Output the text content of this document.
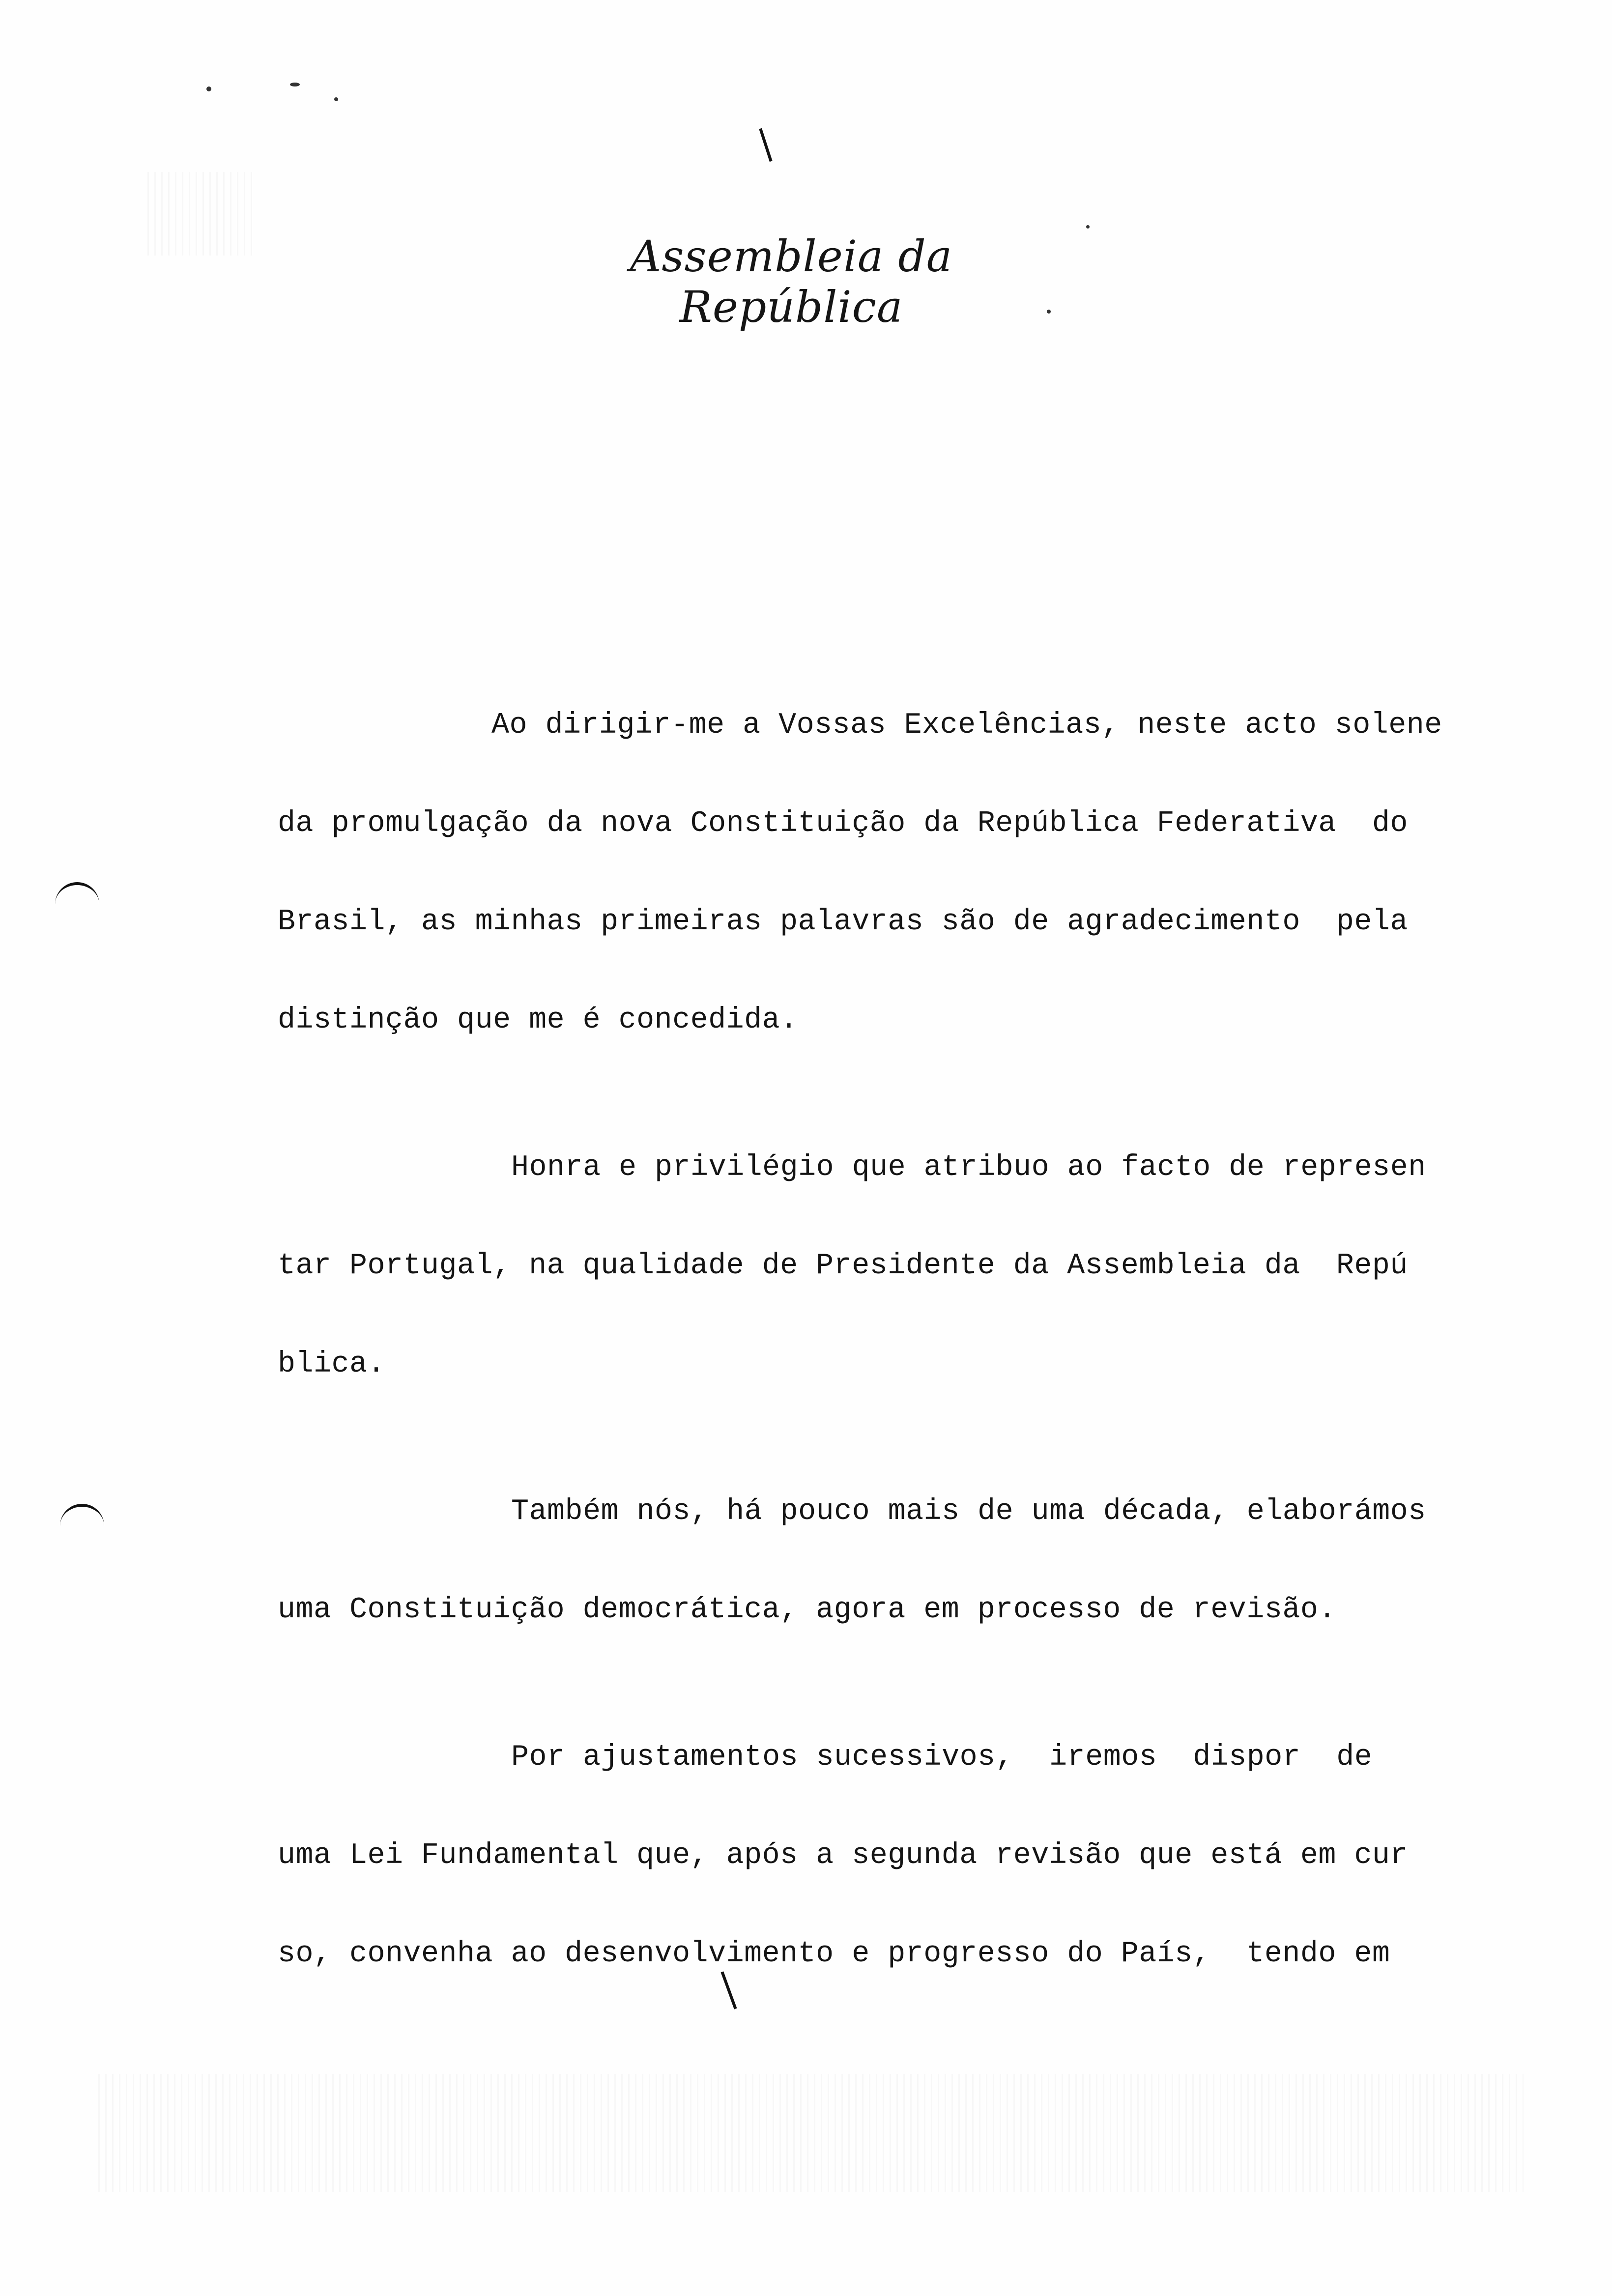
Assembleia da República
Ao dirigir-me a Vossas Excelências, neste acto solene
da promulgação da nova Constituição da República Federativa  do
Brasil, as minhas primeiras palavras são de agradecimento  pela
distinção que me é concedida.
Honra e privilégio que atribuo ao facto de represen
tar Portugal, na qualidade de Presidente da Assembleia da  Repú
blica.
Também nós, há pouco mais de uma década, elaborámos
uma Constituição democrática, agora em processo de revisão.
Por ajustamentos sucessivos,  iremos  dispor  de
uma Lei Fundamental que, após a segunda revisão que está em cur
so, convenha ao desenvolvimento e progresso do País,  tendo em
